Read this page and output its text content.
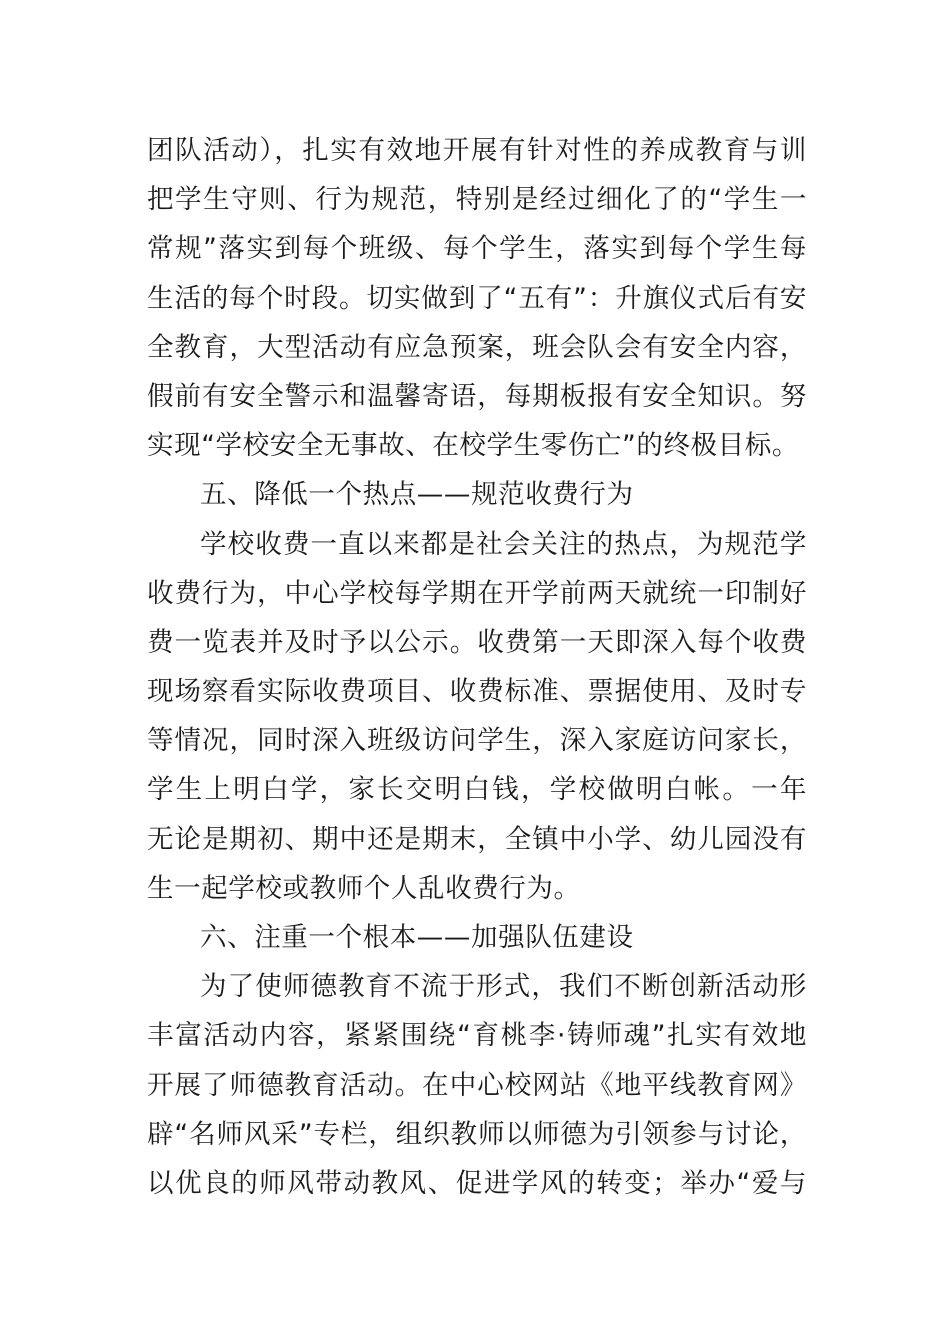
团队活动），扎实有效地开展有针对性的养成教育与训
把学生守则、行为规范，特别是经过细化了的“学生一
常规”落实到每个班级、每个学生，落实到每个学生每
生活的每个时段。切实做到了“五有”：升旗仪式后有安
全教育，大型活动有应急预案，班会队会有安全内容，
假前有安全警示和温馨寄语，每期板报有安全知识。努
实现“学校安全无事故、在校学生零伤亡”的终极目标。
五、降低一个热点——规范收费行为
学校收费一直以来都是社会关注的热点，为规范学
收费行为，中心学校每学期在开学前两天就统一印制好
费一览表并及时予以公示。收费第一天即深入每个收费
现场察看实际收费项目、收费标准、票据使用、及时专
等情况，同时深入班级访问学生，深入家庭访问家长，
学生上明白学，家长交明白钱，学校做明白帐。一年
无论是期初、期中还是期末，全镇中小学、幼儿园没有
生一起学校或教师个人乱收费行为。
六、注重一个根本——加强队伍建设
为了使师德教育不流于形式，我们不断创新活动形
丰富活动内容，紧紧围绕“育桃李·铸师魂”扎实有效地
开展了师德教育活动。在中心校网站《地平线教育网》
辟“名师风采”专栏，组织教师以师德为引领参与讨论，
以优良的师风带动教风、促进学风的转变；举办“爱与
